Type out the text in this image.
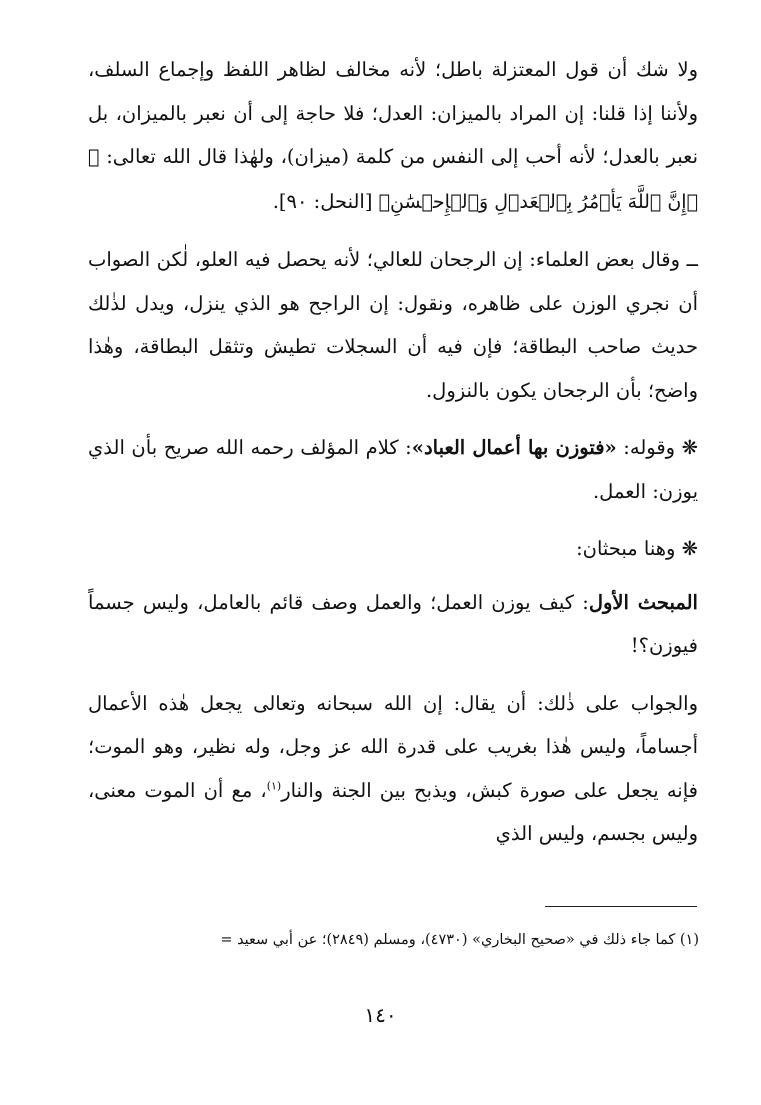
ولا شك أن قول المعتزلة باطل؛ لأنه مخالف لظاهر اللفظ وإجماع السلف، ولأننا إذا قلنا: إن المراد بالميزان: العدل؛ فلا حاجة إلى أن نعبر بالميزان، بل نعبر بالعدل؛ لأنه أحب إلى النفس من كلمة (ميزان)، ولهٰذا قال الله تعالى: ﴿ ۞إِنَّ ٱللَّهَ يَأۡمُرُ بِٱلۡعَدۡلِ وَٱلۡإِحۡسَٰنِ﴾ [النحل: ٩٠].

ــ وقال بعض العلماء: إن الرجحان للعالي؛ لأنه يحصل فيه العلو، لٰكن الصواب أن نجري الوزن على ظاهره، ونقول: إن الراجح هو الذي ينزل، ويدل لذٰلك حديث صاحب البطاقة؛ فإن فيه أن السجلات تطيش وتثقل البطاقة، وهٰذا واضح؛ بأن الرجحان يكون بالنزول.

❋ وقوله: «فتوزن بها أعمال العباد»: كلام المؤلف رحمه الله صريح بأن الذي يوزن: العمل.

❋ وهنا مبحثان:

المبحث الأول: كيف يوزن العمل؛ والعمل وصف قائم بالعامل، وليس جسماً فيوزن؟!

والجواب على ذٰلك: أن يقال: إن الله سبحانه وتعالى يجعل هٰذه الأعمال أجساماً، وليس هٰذا بغريب على قدرة الله عز وجل، وله نظير، وهو الموت؛ فإنه يجعل على صورة كبش، ويذبح بين الجنة والنار$^{(١)}$، مع أن الموت معنى، وليس بجسم، وليس الذي

(١) كما جاء ذلك في «صحيح البخاري» (٤٧٣٠)، ومسلم (٢٨٤٩)؛ عن أبي سعيد =
١٤٠
